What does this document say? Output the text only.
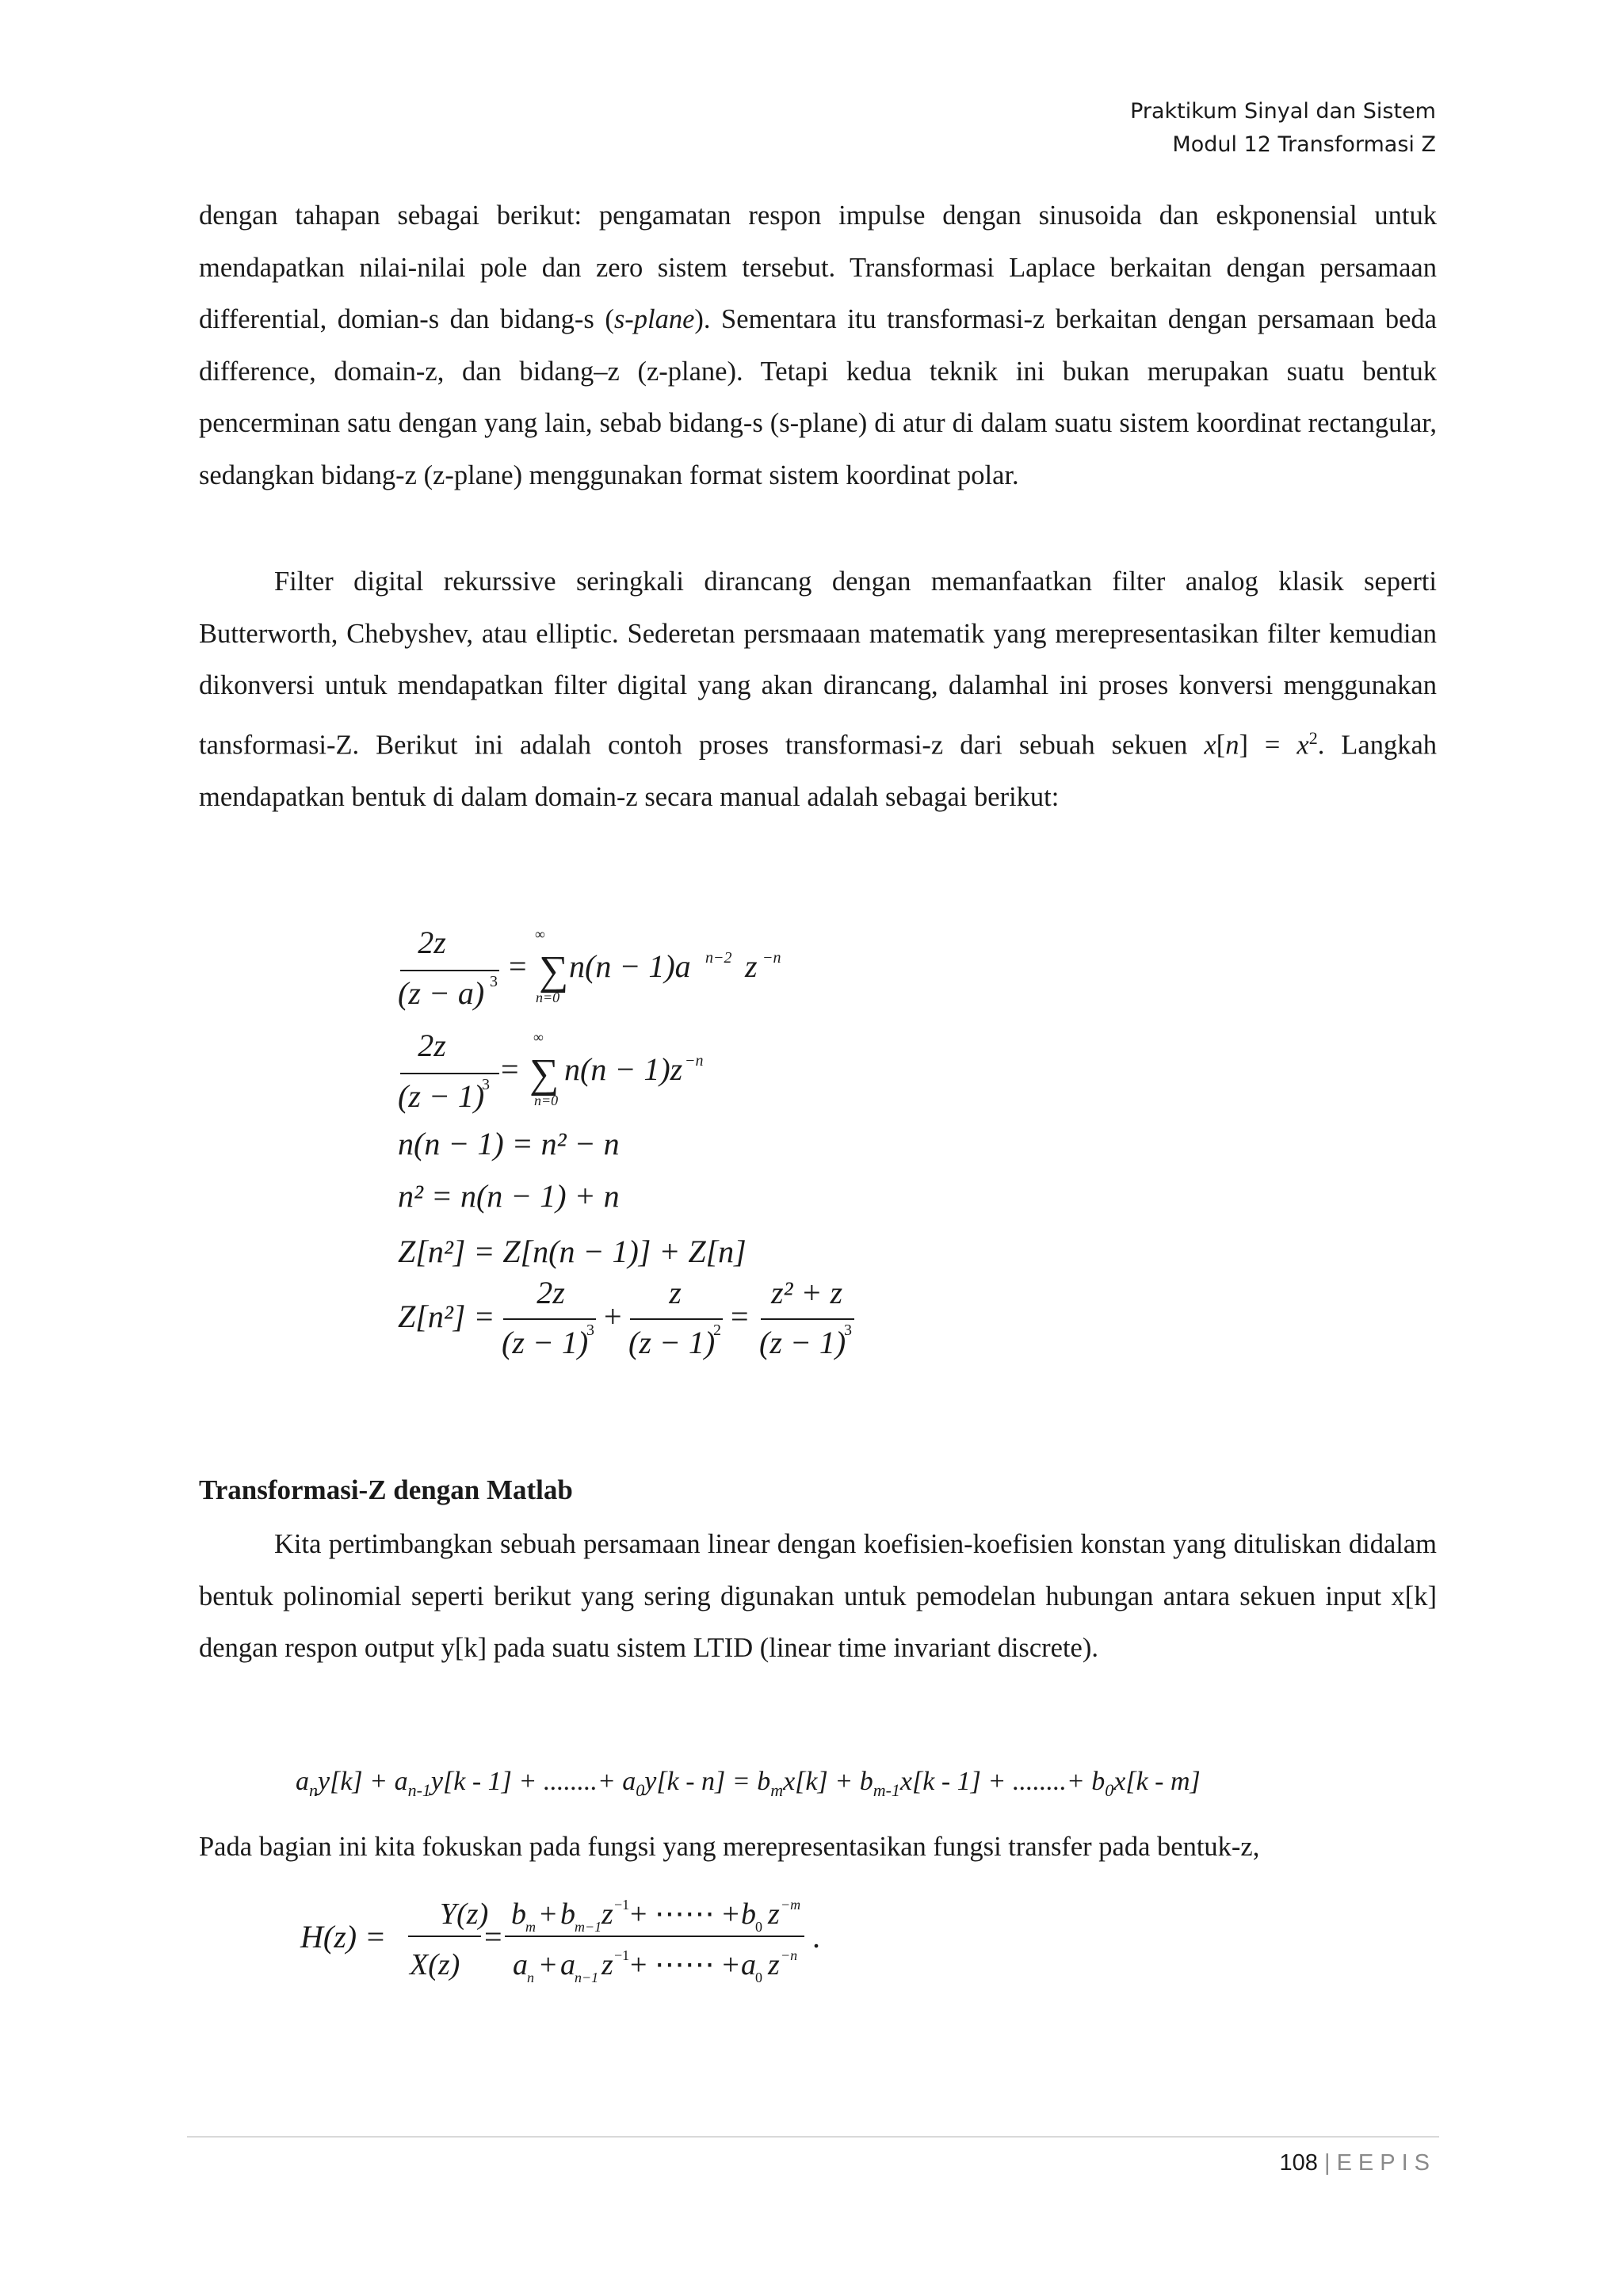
Praktikum Sinyal dan Sistem
Modul 12 Transformasi Z

dengan tahapan sebagai berikut: pengamatan respon impulse dengan sinusoida dan eskponensial untuk mendapatkan nilai-nilai pole dan zero sistem tersebut. Transformasi Laplace berkaitan dengan persamaan differential, domian-s dan bidang-s (s-plane). Sementara itu transformasi-z berkaitan dengan persamaan beda difference, domain-z, dan bidang–z (z-plane). Tetapi kedua teknik ini bukan merupakan suatu bentuk pencerminan satu dengan yang lain, sebab bidang-s (s-plane) di atur di dalam suatu sistem koordinat rectangular, sedangkan bidang-z (z-plane) menggunakan format sistem koordinat polar.

Filter digital rekurssive seringkali dirancang dengan memanfaatkan filter analog klasik seperti Butterworth, Chebyshev, atau elliptic. Sederetan persmaaan matematik yang merepresentasikan filter kemudian dikonversi untuk mendapatkan filter digital yang akan dirancang, dalamhal ini proses konversi menggunakan tansformasi-Z. Berikut ini adalah contoh proses transformasi-z dari sebuah sekuen $x[n] = x^2$. Langkah mendapatkan bentuk di dalam domain-z secara manual adalah sebagai berikut:

2z
(z − a) 3 =
∞
∑
n=0
n(n − 1)a n−2 z −n
2z
(z − 1)
3 =
∞
∑
n=0
n(n − 1)z −n
n(n − 1) = n² − n
n² = n(n − 1) + n
Z[n²] = Z[n(n − 1)] + Z[n]
Z[n²] =
2z
(z − 1)
3 +
z
(z − 1)
2 =
z² + z
(z − 1)
3
Transformasi-Z dengan Matlab

Kita pertimbangkan sebuah persamaan linear dengan koefisien-koefisien konstan yang dituliskan didalam bentuk polinomial seperti berikut yang sering digunakan untuk pemodelan hubungan antara sekuen input x[k] dengan respon output y[k] pada suatu sistem LTID (linear time invariant discrete).

$a_ny[k] + a_{n-1}y[k - 1]$ + ........+ $a_0y[k - n] = b_mx[k] + b_{m-1}x[k - 1]$ + ........+ $b_0x[k - m]$
Pada bagian ini kita fokuskan pada fungsi yang merepresentasikan fungsi transfer pada bentuk-z,
H(z) =
Y(z)
X(z)
=
b m + b m−1 z −1 + ⋯⋯ + b 0 z −m
a n + a n−1 z −1 + ⋯⋯ + a 0 z −n
.
108 | EEPIS
